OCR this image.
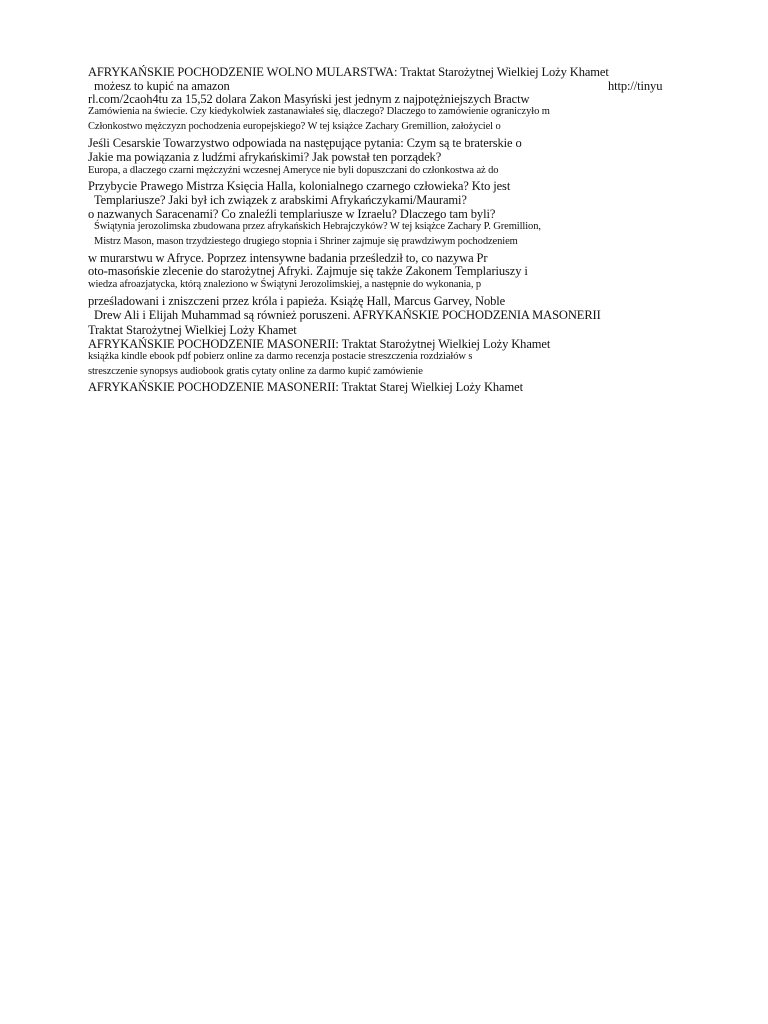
AFRYKAŃSKIE POCHODZENIE WOLNO MULARSTWA: Traktat Starożytnej Wielkiej Loży Khamet
możesz to kupić na amazon	http://tinyu
rl.com/2caoh4tu za 15,52 dolara Zakon Masyński jest jednym z najpotężniejszych Bractw
Zamówienia na świecie. Czy kiedykolwiek zastanawiałeś się, dlaczego? Dlaczego to zamówienie ograniczyło m
Członkostwo mężczyzn pochodzenia europejskiego? W tej książce Zachary Gremillion, założyciel o
Jeśli Cesarskie Towarzystwo odpowiada na następujące pytania: Czym są te braterskie o
Jakie ma powiązania z ludźmi afrykańskimi? Jak powstał ten porządek?
Europa, a dlaczego czarni mężczyźni wczesnej Ameryce nie byli dopuszczani do członkostwa aż do
Przybycie Prawego Mistrza Księcia Halla, kolonialnego czarnego człowieka? Kto jest
Templariusze? Jaki był ich związek z arabskimi Afrykańczykami/Maurami?
o nazwanych Saracenami? Co znaleźli templariusze w Izraelu? Dlaczego tam byli?
Świątynia jerozolimska zbudowana przez afrykańskich Hebrajczyków? W tej książce Zachary P. Gremillion,
Mistrz Mason, mason trzydziestego drugiego stopnia i Shriner zajmuje się prawdziwym pochodzeniem
w murarstwu w Afryce. Poprzez intensywne badania prześledził to, co nazywa Pr
oto-masońskie zlecenie do starożytnej Afryki. Zajmuje się także Zakonem Templariuszy i
wiedza afroazjatycka, którą znaleziono w Świątyni Jerozolimskiej, a następnie do wykonania, p
prześladowani i zniszczeni przez króla i papieża. Książę Hall, Marcus Garvey, Noble
Drew Ali i Elijah Muhammad są również poruszeni. AFRYKAŃSKIE POCHODZENIA MASONERII
Traktat Starożytnej Wielkiej Loży Khamet
AFRYKAŃSKIE POCHODZENIE MASONERII: Traktat Starożytnej Wielkiej Loży Khamet
książka kindle ebook pdf pobierz online za darmo recenzja postacie streszczenia rozdziałów s
streszczenie synopsys audiobook gratis cytaty online za darmo kupić zamówienie
AFRYKAŃSKIE POCHODZENIE MASONERII: Traktat Starej Wielkiej Loży Khamet
